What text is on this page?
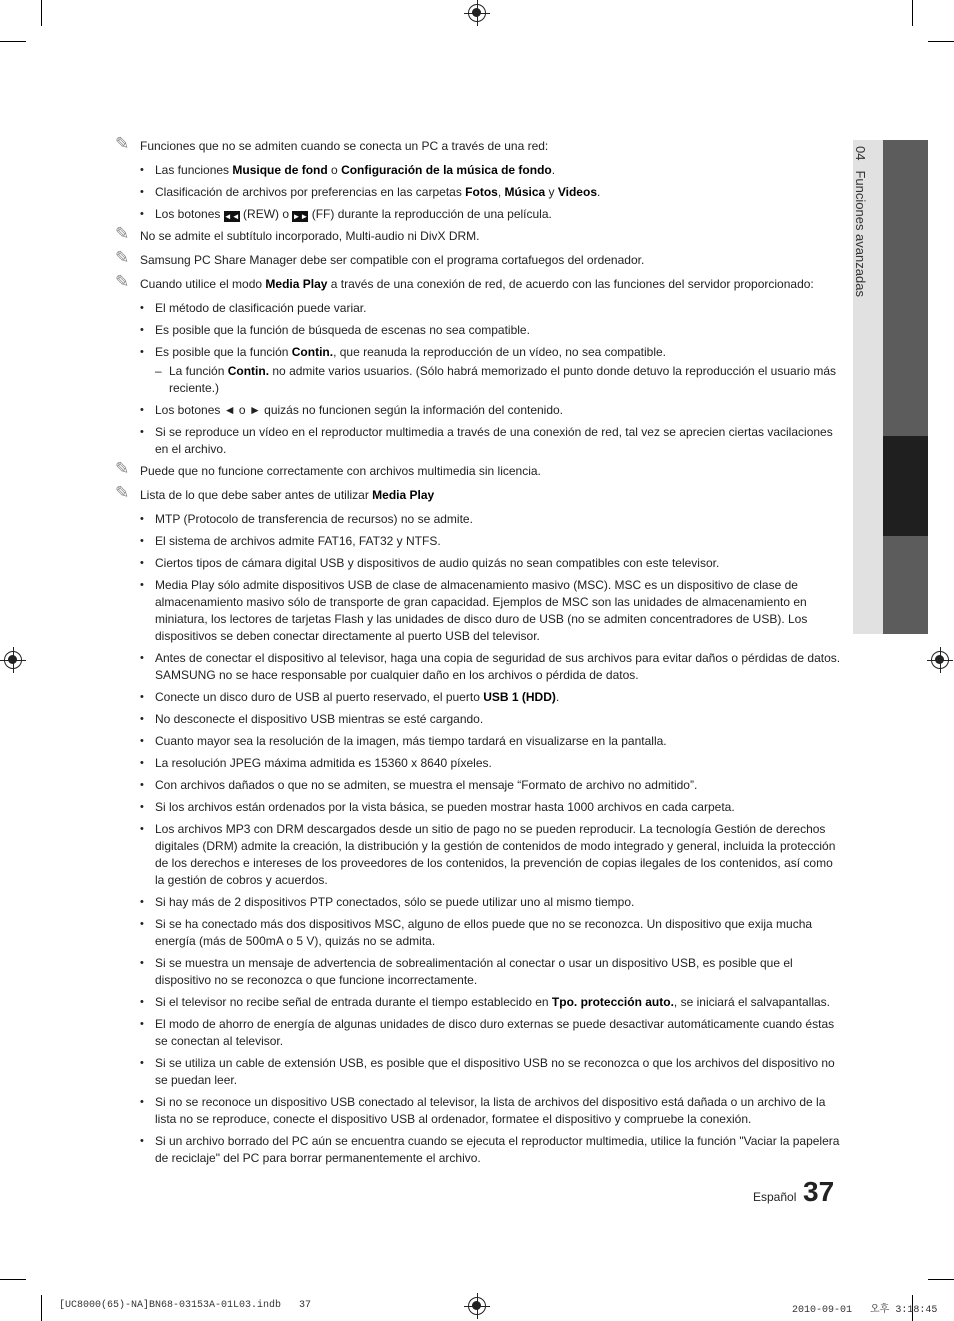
04Funciones avanzadas
✎ Funciones que no se admiten cuando se conecta un PC a través de una red:
• Las funciones Musique de fond o Configuración de la música de fondo.
• Clasificación de archivos por preferencias en las carpetas Fotos, Música y Videos.
• Los botones ◄◄ (REW) o ►► (FF) durante la reproducción de una película.
✎ No se admite el subtítulo incorporado, Multi-audio ni DivX DRM.
✎ Samsung PC Share Manager debe ser compatible con el programa cortafuegos del ordenador.
✎ Cuando utilice el modo Media Play a través de una conexión de red, de acuerdo con las funciones del servidor proporcionado:
• El método de clasificación puede variar.
• Es posible que la función de búsqueda de escenas no sea compatible.
• Es posible que la función Contin., que reanuda la reproducción de un vídeo, no sea compatible.
– La función Contin. no admite varios usuarios. (Sólo habrá memorizado el punto donde detuvo la reproducción el usuario más reciente.)
• Los botones ◄ o ► quizás no funcionen según la información del contenido.
• Si se reproduce un vídeo en el reproductor multimedia a través de una conexión de red, tal vez se aprecien ciertas vacilaciones en el archivo.
✎ Puede que no funcione correctamente con archivos multimedia sin licencia.
✎ Lista de lo que debe saber antes de utilizar Media Play
• MTP (Protocolo de transferencia de recursos) no se admite.
• El sistema de archivos admite FAT16, FAT32 y NTFS.
• Ciertos tipos de cámara digital USB y dispositivos de audio quizás no sean compatibles con este televisor.
• Media Play sólo admite dispositivos USB de clase de almacenamiento masivo (MSC). MSC es un dispositivo de clase de almacenamiento masivo sólo de transporte de gran capacidad. Ejemplos de MSC son las unidades de almacenamiento en miniatura, los lectores de tarjetas Flash y las unidades de disco duro de USB (no se admiten concentradores de USB). Los dispositivos se deben conectar directamente al puerto USB del televisor.
• Antes de conectar el dispositivo al televisor, haga una copia de seguridad de sus archivos para evitar daños o pérdidas de datos. SAMSUNG no se hace responsable por cualquier daño en los archivos o pérdida de datos.
• Conecte un disco duro de USB al puerto reservado, el puerto USB 1 (HDD).
• No desconecte el dispositivo USB mientras se esté cargando.
• Cuanto mayor sea la resolución de la imagen, más tiempo tardará en visualizarse en la pantalla.
• La resolución JPEG máxima admitida es 15360 x 8640 píxeles.
• Con archivos dañados o que no se admiten, se muestra el mensaje “Formato de archivo no admitido”.
• Si los archivos están ordenados por la vista básica, se pueden mostrar hasta 1000 archivos en cada carpeta.
• Los archivos MP3 con DRM descargados desde un sitio de pago no se pueden reproducir. La tecnología Gestión de derechos digitales (DRM) admite la creación, la distribución y la gestión de contenidos de modo integrado y general, incluida la protección de los derechos e intereses de los proveedores de los contenidos, la prevención de copias ilegales de los contenidos, así como la gestión de cobros y acuerdos.
• Si hay más de 2 dispositivos PTP conectados, sólo se puede utilizar uno al mismo tiempo.
• Si se ha conectado más dos dispositivos MSC, alguno de ellos puede que no se reconozca. Un dispositivo que exija mucha energía (más de 500mA o 5 V), quizás no se admita.
• Si se muestra un mensaje de advertencia de sobrealimentación al conectar o usar un dispositivo USB, es posible que el dispositivo no se reconozca o que funcione incorrectamente.
• Si el televisor no recibe señal de entrada durante el tiempo establecido en Tpo. protección auto., se iniciará el salvapantallas.
• El modo de ahorro de energía de algunas unidades de disco duro externas se puede desactivar automáticamente cuando éstas se conectan al televisor.
• Si se utiliza un cable de extensión USB, es posible que el dispositivo USB no se reconozca o que los archivos del dispositivo no se puedan leer.
• Si no se reconoce un dispositivo USB conectado al televisor, la lista de archivos del dispositivo está dañada o un archivo de la lista no se reproduce, conecte el dispositivo USB al ordenador, formatee el dispositivo y compruebe la conexión.
• Si un archivo borrado del PC aún se encuentra cuando se ejecuta el reproductor multimedia, utilice la función "Vaciar la papelera de reciclaje" del PC para borrar permanentemente el archivo.
Español 37
[UC8000(65)-NA]BN68-03153A-01L03.indb   37	2010-09-01   오후 3:18:45
